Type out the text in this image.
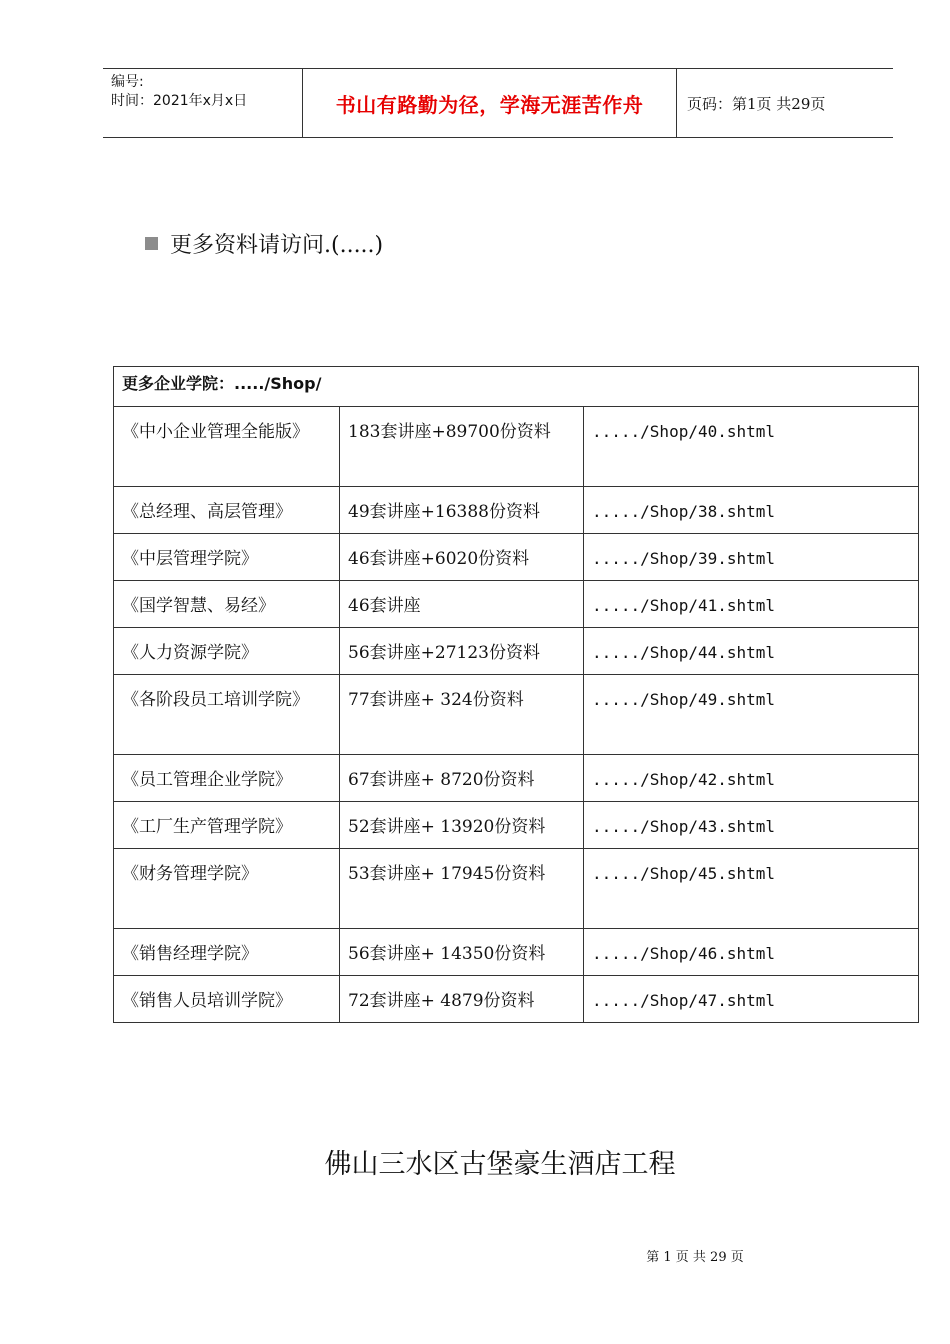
编号:
时间：2021年x月x日	书山有路勤为径，学海无涯苦作舟	页码：第1页 共29页
更多资料请访问.(.....)
更多企业学院：...../Shop/		
《中小企业管理全能版》	183套讲座+89700份资料	...../Shop/40.shtml
《总经理、高层管理》	49套讲座+16388份资料	...../Shop/38.shtml
《中层管理学院》	46套讲座+6020份资料	...../Shop/39.shtml
《国学智慧、易经》	46套讲座	...../Shop/41.shtml
《人力资源学院》	56套讲座+27123份资料	...../Shop/44.shtml
《各阶段员工培训学院》	77套讲座+ 324份资料	...../Shop/49.shtml
《员工管理企业学院》	67套讲座+ 8720份资料	...../Shop/42.shtml
《工厂生产管理学院》	52套讲座+ 13920份资料	...../Shop/43.shtml
《财务管理学院》	53套讲座+ 17945份资料	...../Shop/45.shtml
《销售经理学院》	56套讲座+ 14350份资料	...../Shop/46.shtml
《销售人员培训学院》	72套讲座+ 4879份资料	...../Shop/47.shtml
佛山三水区古堡豪生酒店工程
第 1 页 共 29 页
